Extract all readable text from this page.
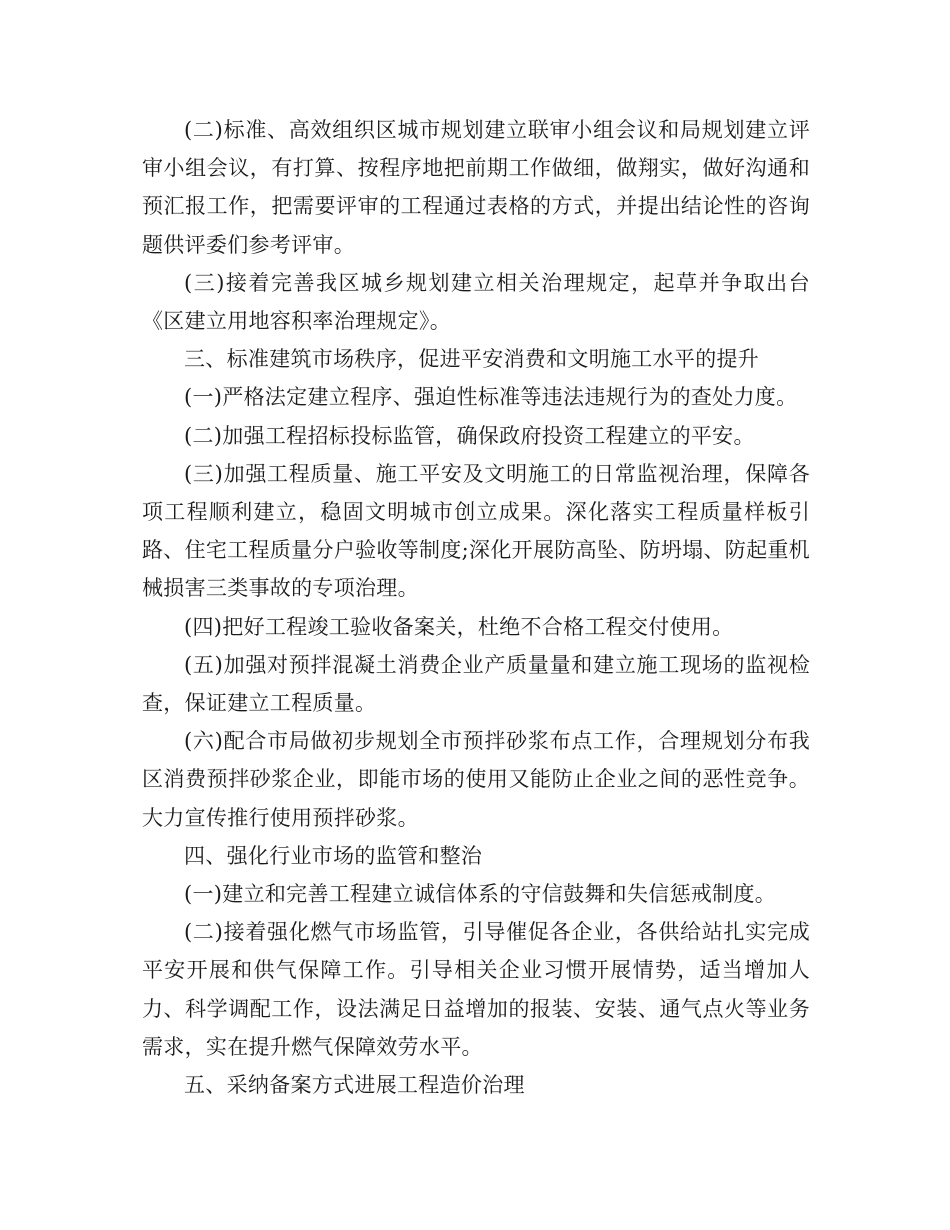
(二)标准、高效组织区城市规划建立联审小组会议和局规划建立评审小组会议，有打算、按程序地把前期工作做细，做翔实，做好沟通和预汇报工作，把需要评审的工程通过表格的方式，并提出结论性的咨询题供评委们参考评审。

(三)接着完善我区城乡规划建立相关治理规定，起草并争取出台《区建立用地容积率治理规定》。

三、标准建筑市场秩序，促进平安消费和文明施工水平的提升

(一)严格法定建立程序、强迫性标准等违法违规行为的查处力度。

(二)加强工程招标投标监管，确保政府投资工程建立的平安。

(三)加强工程质量、施工平安及文明施工的日常监视治理，保障各项工程顺利建立，稳固文明城市创立成果。深化落实工程质量样板引路、住宅工程质量分户验收等制度;深化开展防高坠、防坍塌、防起重机械损害三类事故的专项治理。

(四)把好工程竣工验收备案关，杜绝不合格工程交付使用。

(五)加强对预拌混凝土消费企业产质量量和建立施工现场的监视检查，保证建立工程质量。

(六)配合市局做初步规划全市预拌砂浆布点工作，合理规划分布我区消费预拌砂浆企业，即能市场的使用又能防止企业之间的恶性竞争。大力宣传推行使用预拌砂浆。

四、强化行业市场的监管和整治

(一)建立和完善工程建立诚信体系的守信鼓舞和失信惩戒制度。

(二)接着强化燃气市场监管，引导催促各企业，各供给站扎实完成平安开展和供气保障工作。引导相关企业习惯开展情势，适当增加人力、科学调配工作，设法满足日益增加的报装、安装、通气点火等业务需求，实在提升燃气保障效劳水平。

五、采纳备案方式进展工程造价治理
